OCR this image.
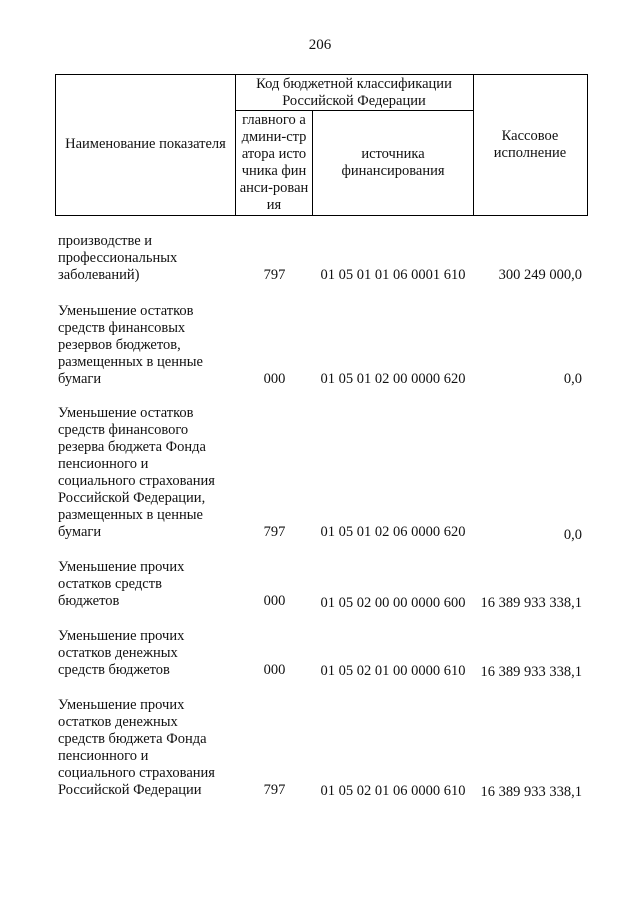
206
Наименование показателя
Код бюджетной классификации Российской Федерации
главного админи-стратора источника финанси-рования
источника финансирования
Кассовое исполнение
производстве и
профессиональных
заболеваний)	797	01 05 01 01 06 0001 610	300 249 000,0
Уменьшение остатков
средств финансовых
резервов бюджетов,
размещенных в ценные
бумаги	000	01 05 01 02 00 0000 620	0,0
Уменьшение остатков
средств финансового
резерва бюджета Фонда
пенсионного и
социального страхования
Российской Федерации,
размещенных в ценные
бумаги	797	01 05 01 02 06 0000 620	0,0
Уменьшение прочих
остатков средств
бюджетов	000	01 05 02 00 00 0000 600	16 389 933 338,1
Уменьшение прочих
остатков денежных
средств бюджетов	000	01 05 02 01 00 0000 610	16 389 933 338,1
Уменьшение прочих
остатков денежных
средств бюджета Фонда
пенсионного и
социального страхования
Российской Федерации	797	01 05 02 01 06 0000 610	16 389 933 338,1
